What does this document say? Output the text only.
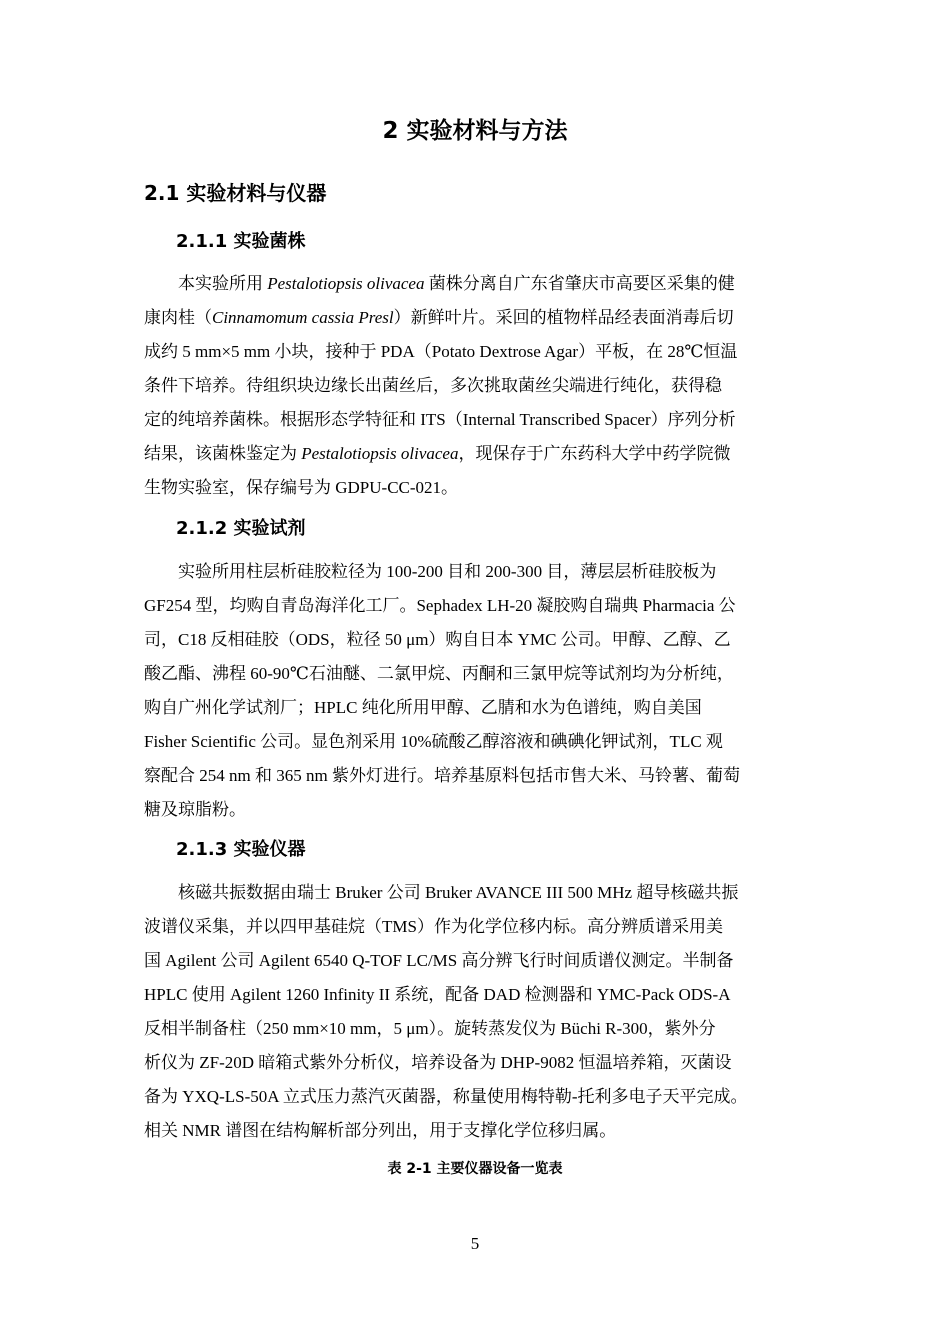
2 实验材料与方法
2.1 实验材料与仪器
2.1.1 实验菌株
本实验所用 Pestalotiopsis olivacea 菌株分离自广东省肇庆市高要区采集的健
康肉桂（Cinnamomum cassia Presl）新鲜叶片。采回的植物样品经表面消毒后切
成约 5 mm×5 mm 小块，接种于 PDA（Potato Dextrose Agar）平板，在 28℃恒温
条件下培养。待组织块边缘长出菌丝后，多次挑取菌丝尖端进行纯化，获得稳
定的纯培养菌株。根据形态学特征和 ITS（Internal Transcribed Spacer）序列分析
结果，该菌株鉴定为 Pestalotiopsis olivacea，现保存于广东药科大学中药学院微
生物实验室，保存编号为 GDPU-CC-021。
2.1.2 实验试剂
实验所用柱层析硅胶粒径为 100-200 目和 200-300 目，薄层层析硅胶板为
GF254 型，均购自青岛海洋化工厂。Sephadex LH-20 凝胶购自瑞典 Pharmacia 公
司，C18 反相硅胶（ODS，粒径 50 μm）购自日本 YMC 公司。甲醇、乙醇、乙
酸乙酯、沸程 60-90℃石油醚、二氯甲烷、丙酮和三氯甲烷等试剂均为分析纯，
购自广州化学试剂厂；HPLC 纯化所用甲醇、乙腈和水为色谱纯，购自美国
Fisher Scientific 公司。显色剂采用 10%硫酸乙醇溶液和碘碘化钾试剂，TLC 观
察配合 254 nm 和 365 nm 紫外灯进行。培养基原料包括市售大米、马铃薯、葡萄
糖及琼脂粉。
2.1.3 实验仪器
核磁共振数据由瑞士 Bruker 公司 Bruker AVANCE III 500 MHz 超导核磁共振
波谱仪采集，并以四甲基硅烷（TMS）作为化学位移内标。高分辨质谱采用美
国 Agilent 公司 Agilent 6540 Q-TOF LC/MS 高分辨飞行时间质谱仪测定。半制备
HPLC 使用 Agilent 1260 Infinity II 系统，配备 DAD 检测器和 YMC-Pack ODS-A
反相半制备柱（250 mm×10 mm，5 μm）。旋转蒸发仪为 Büchi R-300，紫外分
析仪为 ZF-20D 暗箱式紫外分析仪，培养设备为 DHP-9082 恒温培养箱，灭菌设
备为 YXQ-LS-50A 立式压力蒸汽灭菌器，称量使用梅特勒-托利多电子天平完成。
相关 NMR 谱图在结构解析部分列出，用于支撑化学位移归属。

表 2-1 主要仪器设备一览表

5
